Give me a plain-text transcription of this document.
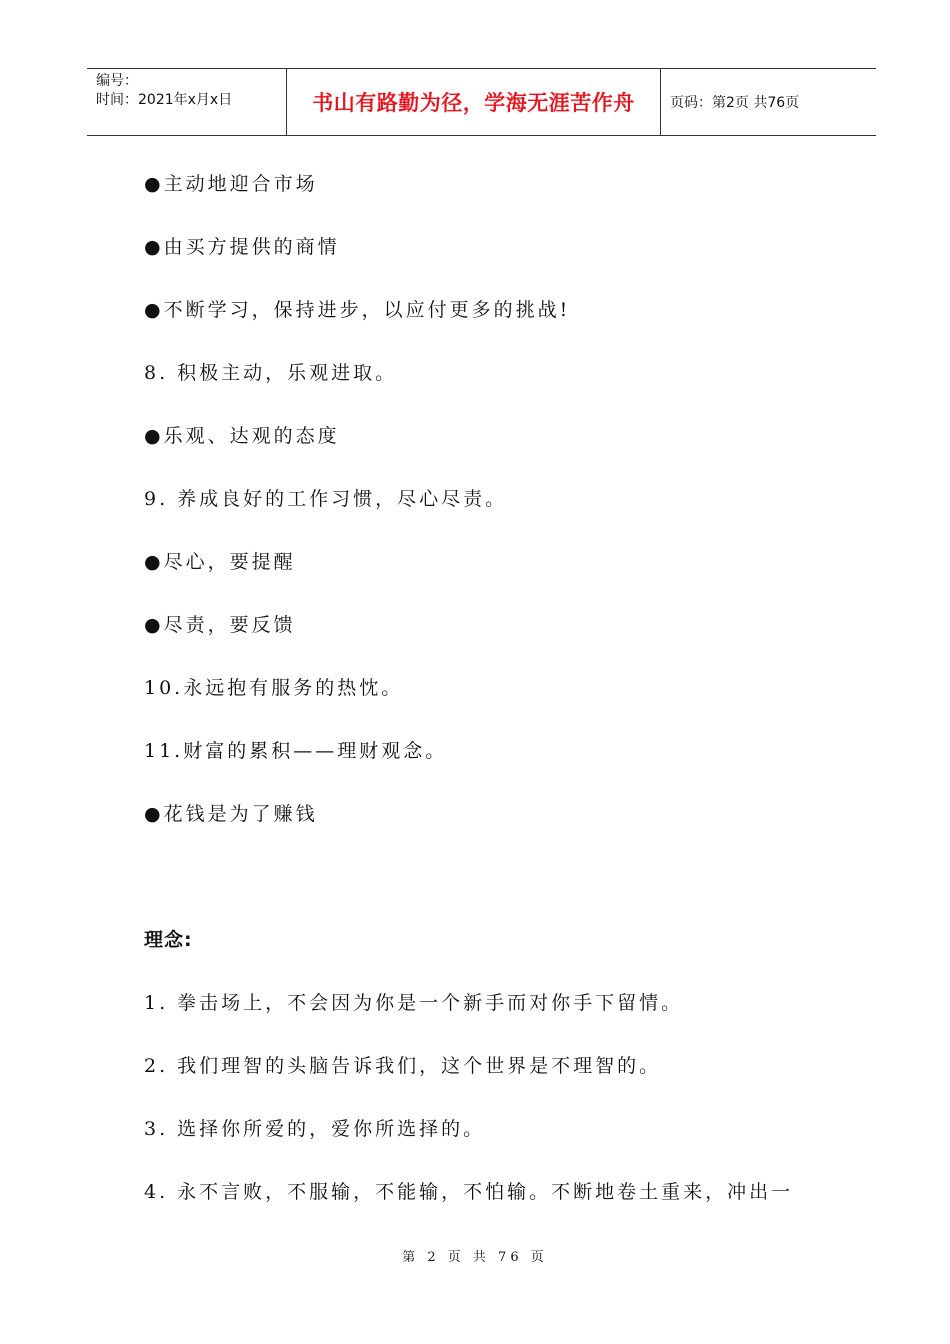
编号：
时间：2021年x月x日	书山有路勤为径，学海无涯苦作舟	页码：第2页 共76页
●主动地迎合市场
●由买方提供的商情
●不断学习，保持进步，以应付更多的挑战!
8. 积极主动，乐观进取。
●乐观、达观的态度
9. 养成良好的工作习惯，尽心尽责。
●尽心，要提醒
●尽责，要反馈
10.永远抱有服务的热忱。
11.财富的累积——理财观念。
●花钱是为了赚钱
理念:
1. 拳击场上，不会因为你是一个新手而对你手下留情。
2. 我们理智的头脑告诉我们，这个世界是不理智的。
3. 选择你所爱的，爱你所选择的。
4. 永不言败，不服输，不能输，不怕输。不断地卷土重来，冲出一
第 2 页 共 76 页
